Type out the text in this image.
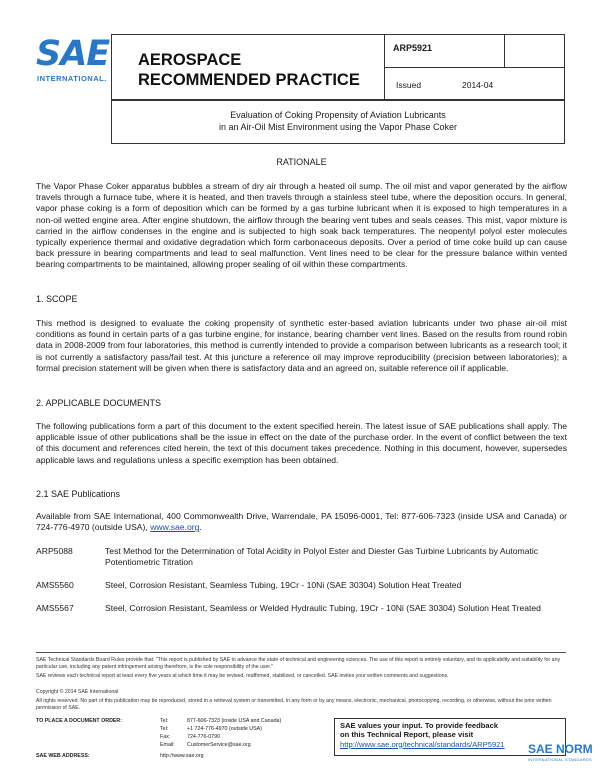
SAE
INTERNATIONAL.
AEROSPACE
RECOMMENDED PRACTICE
ARP5921
Issued	2014-04
Evaluation of Coking Propensity of Aviation Lubricants
in an Air-Oil Mist Environment using the Vapor Phase Coker
RATIONALE
The Vapor Phase Coker apparatus bubbles a stream of dry air through a heated oil sump. The oil mist and vapor generated by the airflow travels through a furnace tube, where it is heated, and then travels through a stainless steel tube, where the deposition occurs. In general, vapor phase coking is a form of deposition which can be formed by a gas turbine lubricant when it is exposed to high temperatures in a non-oil wetted engine area. After engine shutdown, the airflow through the bearing vent tubes and seals ceases. This mist, vapor mixture is carried in the airflow condenses in the engine and is subjected to high soak back temperatures. The neopentyl polyol ester molecules typically experience thermal and oxidative degradation which form carbonaceous deposits. Over a period of time coke build up can cause back pressure in bearing compartments and lead to seal malfunction. Vent lines need to be clear for the pressure balance within vented bearing compartments to be maintained, allowing proper sealing of oil within these compartments.
1. SCOPE
This method is designed to evaluate the coking propensity of synthetic ester-based aviation lubricants under two phase air-oil mist conditions as found in certain parts of a gas turbine engine, for instance, bearing chamber vent lines. Based on the results from round robin data in 2008-2009 from four laboratories, this method is currently intended to provide a comparison between lubricants as a research tool; it is not currently a satisfactory pass/fail test. At this juncture a reference oil may improve reproducibility (precision between laboratories); a formal precision statement will be given when there is satisfactory data and an agreed on, suitable reference oil if applicable.
2. APPLICABLE DOCUMENTS
The following publications form a part of this document to the extent specified herein. The latest issue of SAE publications shall apply. The applicable issue of other publications shall be the issue in effect on the date of the purchase order. In the event of conflict between the text of this document and references cited herein, the text of this document takes precedence. Nothing in this document, however, supersedes applicable laws and regulations unless a specific exemption has been obtained.
2.1 SAE Publications
Available from SAE International, 400 Commonwealth Drive, Warrendale, PA 15096-0001, Tel: 877-606-7323 (inside USA and Canada) or 724-776-4970 (outside USA), www.sae.org.
ARP5088	Test Method for the Determination of Total Acidity in Polyol Ester and Diester Gas Turbine Lubricants by Automatic Potentiometric Titration
AMS5560	Steel, Corrosion Resistant, Seamless Tubing, 19Cr - 10Ni (SAE 30304) Solution Heat Treated
AMS5567	Steel, Corrosion Resistant, Seamless or Welded Hydraulic Tubing, 19Cr - 10Ni (SAE 30304) Solution Heat Treated
SAE Technical Standards Board Rules provide that: "This report is published by SAE to advance the state of technical and engineering sciences. The use of this report is entirely voluntary, and its applicability and suitability for any particular use, including any patent infringement arising therefrom, is the sole responsibility of the user."
SAE reviews each technical report at least every five years at which time it may be revised, reaffirmed, stabilized, or cancelled. SAE invites your written comments and suggestions.
Copyright © 2014 SAE International
All rights reserved. No part of this publication may be reproduced, stored in a retrieval system or transmitted, in any form or by any means, electronic, mechanical, photocopying, recording, or otherwise, without the prior written permission of SAE.
TO PLACE A DOCUMENT ORDER:	Tel:	877-606-7323 (inside USA and Canada)
Tel:	+1 724-776-4970 (outside USA)
Fax:	724-776-0790
Email: CustomerService@sae.org
SAE WEB ADDRESS:	http://www.sae.org
SAE values your input. To provide feedback
on this Technical Report, please visit
http://www.sae.org/technical/standards/ARP5921	SAE NORM
INTERNATIONAL STANDARDS
